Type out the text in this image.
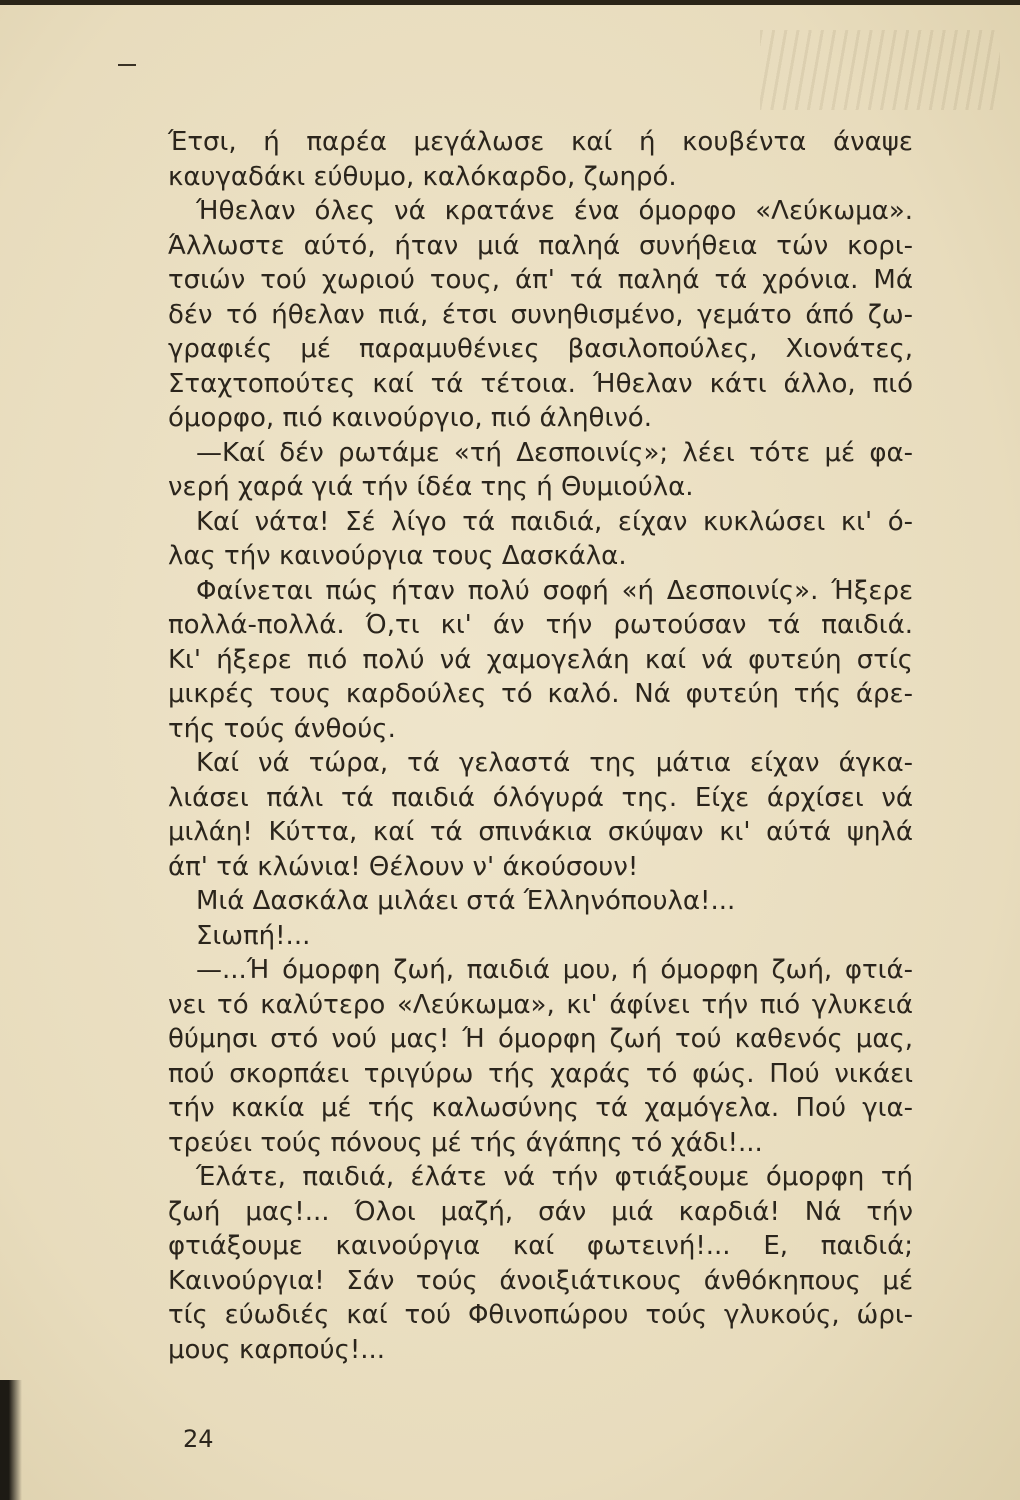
Έτσι, ή παρέα μεγάλωσε καί ή κουβέντα άναψε
καυγαδάκι εύθυμο, καλόκαρδο, ζωηρό.
Ήθελαν όλες νά κρατάνε ένα όμορφο «Λεύκωμα».
Άλλωστε αύτό, ήταν μιά παληά συνήθεια τών κορι-
τσιών τού χωριού τους, άπ' τά παληά τά χρόνια. Μά
δέν τό ήθελαν πιά, έτσι συνηθισμένο, γεμάτο άπό ζω-
γραφιές μέ παραμυθένιες βασιλοπούλες, Χιονάτες,
Σταχτοπούτες καί τά τέτοια. Ήθελαν κάτι άλλο, πιό
όμορφο, πιό καινούργιο, πιό άληθινό.
—Καί δέν ρωτάμε «τή Δεσποινίς»; λέει τότε μέ φα-
νερή χαρά γιά τήν ίδέα της ή Θυμιούλα.
Καί νάτα! Σέ λίγο τά παιδιά, είχαν κυκλώσει κι' ό-
λας τήν καινούργια τους Δασκάλα.
Φαίνεται πώς ήταν πολύ σοφή «ή Δεσποινίς». Ήξερε
πολλά-πολλά. Ό,τι κι' άν τήν ρωτούσαν τά παιδιά.
Κι' ήξερε πιό πολύ νά χαμογελάη καί νά φυτεύη στίς
μικρές τους καρδούλες τό καλό. Νά φυτεύη τής άρε-
τής τούς άνθούς.
Καί νά τώρα, τά γελαστά της μάτια είχαν άγκα-
λιάσει πάλι τά παιδιά όλόγυρά της. Είχε άρχίσει νά
μιλάη! Κύττα, καί τά σπινάκια σκύψαν κι' αύτά ψηλά
άπ' τά κλώνια! Θέλουν ν' άκούσουν!
Μιά Δασκάλα μιλάει στά Έλληνόπουλα!...
Σιωπή!...
—...Ή όμορφη ζωή, παιδιά μου, ή όμορφη ζωή, φτιά-
νει τό καλύτερο «Λεύκωμα», κι' άφίνει τήν πιό γλυκειά
θύμησι στό νού μας! Ή όμορφη ζωή τού καθενός μας,
πού σκορπάει τριγύρω τής χαράς τό φώς. Πού νικάει
τήν κακία μέ τής καλωσύνης τά χαμόγελα. Πού για-
τρεύει τούς πόνους μέ τής άγάπης τό χάδι!...
Έλάτε, παιδιά, έλάτε νά τήν φτιάξουμε όμορφη τή
ζωή μας!... Όλοι μαζή, σάν μιά καρδιά! Νά τήν
φτιάξουμε καινούργια καί φωτεινή!... Ε, παιδιά;
Καινούργια! Σάν τούς άνοιξιάτικους άνθόκηπους μέ
τίς εύωδιές καί τού Φθινοπώρου τούς γλυκούς, ώρι-
μους καρπούς!...
24
